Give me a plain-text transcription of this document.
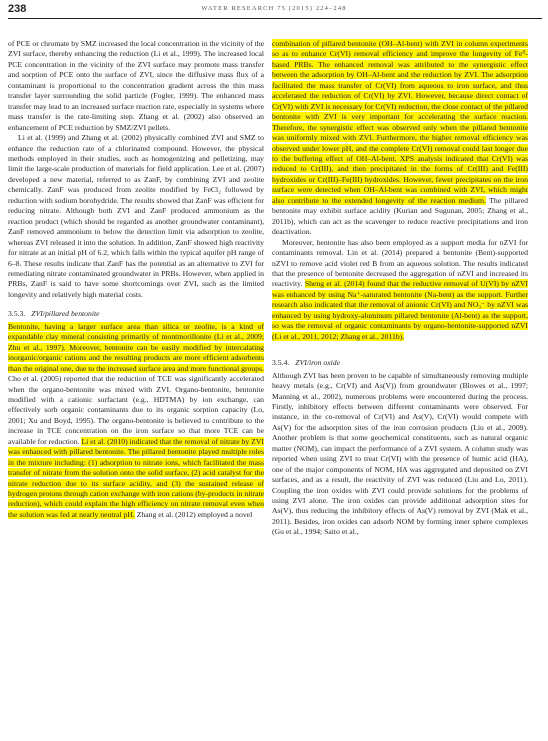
238	WATER RESEARCH 75 (2015) 224–248

of PCE or chromate by SMZ increased the local concentration in the vicinity of the ZVI surface, thereby enhancing the reduction (Li et al., 1999). The increased local PCE concentration in the vicinity of the ZVI surface may promote mass transfer and sorption of PCE onto the surface of ZVI, since the diffusive mass flux of a contaminant is proportional to the concentration gradient across the thin mass transfer layer surrounding the solid particle (Fogler, 1999). The enhanced mass transfer may lead to an increased surface reaction rate, especially in systems where mass transfer is the rate-limiting step. Zhang et al. (2002) also observed an enhancement of PCE reduction by SMZ/ZVI pellets.

Li et al. (1999) and Zhang et al. (2002) physically combined ZVI and SMZ to enhance the reduction rate of a chlorinated compound. However, the physical methods employed in their studies, such as homogenizing and pelletizing, may limit the large-scale production of materials for field application. Lee et al. (2007) developed a new material, referred to as ZanF, by combining ZVI and zeolite chemically. ZanF was produced from zeolite modified by FeCl₂ followed by reduction with sodium borohydride. The results showed that ZanF was efficient for reducing nitrate. Although both ZVI and ZanF produced ammonium as the reaction product (which should be regarded as another groundwater contaminant), ZanF removed ammonium to below the detection limit via adsorption to zeolite, whereas ZVI released it into the solution. In addition, ZanF showed high reactivity for nitrate at an initial pH of 6.2, which falls within the typical aquifer pH range of 6–8. These results indicate that ZanF has the potential as an alternative to ZVI for remediating nitrate contaminated groundwater in PRBs. However, when applied in PRBs, ZanF is said to have some shortcomings over ZVI, such as the limited longevity and relatively high material costs.

3.5.3. ZVI/pillared bentonite

Bentonite, having a larger surface area than silica or zeolite, is a kind of expandable clay mineral consisting primarily of montmorillonite (Li et al., 2009; Zhu et al., 1997). Moreover, bentonite can be easily modified by intercalating inorganic/organic cations and the resulting products are more efficient adsorbents than the original one, due to the increased surface area and more functional groups. Cho et al. (2005) reported that the reduction of TCE was significantly accelerated when the organo-bentonite was mixed with ZVI. Organo-bentonite, bentonite modified with a cationic surfactant (e.g., HDTMA) by ion exchange, can effectively sorb organic contaminants due to its organic sorption capacity (Lo, 2001; Xu and Boyd, 1995). The organo-bentonite is believed to contribute to the increase in TCE concentration on the iron surface so that more TCE can be available for reduction. Li et al. (2010) indicated that the removal of nitrate by ZVI was enhanced with pillared bentonite. The pillared bentonite played multiple roles in the mixture including: (1) adsorption to nitrate ions, which facilitated the mass transfer of nitrate from the solution onto the solid surface, (2) acid catalyst for the nitrate reduction due to its surface acidity, and (3) the sustained release of hydrogen protons through cation exchange with iron cations (by-products in nitrate reduction), which could explain the high efficiency on nitrate removal even when the solution was fed at nearly neutral pH. Zhang et al. (2012) employed a novel

combination of pillared bentonite (OH–Al-bent) with ZVI in column experiments so as to enhance Cr(VI) removal efficiency and improve the longevity of Fe⁰-based PRBs. The enhanced removal was attributed to the synergistic effect between the adsorption by OH–Al-bent and the reduction by ZVI. The adsorption facilitated the mass transfer of Cr(VI) from aqueous to iron surface, and thus accelerated the reduction of Cr(VI) by ZVI. However, because direct contact of Cr(VI) with ZVI is necessary for Cr(VI) reduction, the close contact of the pillared bentonite with ZVI is very important for accelerating the surface reaction. Therefore, the synergistic effect was observed only when the pillared bentonite was uniformly mixed with ZVI. Furthermore, the higher removal efficiency was observed under lower pH, and the complete Cr(VI) removal could last longer due to the buffering effect of OH–Al-bent. XPS analysis indicated that Cr(VI) was reduced to Cr(III), and then precipitated in the forms of Cr(III) and Fe(III) hydroxides or Cr(III)–Fe(III) hydroxides. However, fewer precipitates on the iron surface were detected when OH–Al-bent was combined with ZVI, which might also contribute to the extended longevity of the reaction medium. The pillared bentonite may exhibit surface acidity (Kurian and Sugunan, 2005; Zhang et al., 2011b), which can act as the scavenger to reduce reactive precipitations and iron deactivation.

Moreover, bentonite has also been employed as a support media for nZVI for contaminants removal. Lin et al. (2014) prepared a bentonite (Bent)-supported nZVI to remove acid violet red B from an aqueous solution. The results indicated that the presence of bentonite decreased the aggregation of nZVI and increased its reactivity. Sheng et al. (2014) found that the reductive removal of U(VI) by nZVI was enhanced by using Na⁺-saturated bentonite (Na-bent) as the support. Further research also indicated that the removal of anionic Cr(VI) and NO₃⁻ by nZVI was enhanced by using hydroxy-aluminum pillared bentonite (Al-bent) as the support, so was the removal of organic contaminants by organo-bentonite-supported nZVI (Li et al., 2011, 2012; Zhang et al., 2011b).

3.5.4. ZVI/iron oxide

Although ZVI has been proven to be capable of simultaneously removing multiple heavy metals (e.g., Cr(VI) and As(V)) from groundwater (Blowes et al., 1997; Manning et al., 2002), numerous problems were encountered during the process. Firstly, inhibitory effects between different contaminants were observed. For instance, in the co-removal of Cr(VI) and As(V), Cr(VI) would compete with As(V) for the adsorption sites of the iron corrosion products (Liu et al., 2009). Another problem is that some geochemical constituents, such as natural organic matter (NOM), can impact the performance of a ZVI system. A column study was reported when using ZVI to treat Cr(VI) with the presence of humic acid (HA), one of the major components of NOM, HA was aggregated and deposited on ZVI surfaces, and as a result, the reactivity of ZVI was reduced (Liu and Lo, 2011). Coupling the iron oxides with ZVI could provide solutions for the problems of using ZVI alone. The iron oxides can provide additional adsorption sites for As(V), thus reducing the inhibitory effects of As(V) removal by ZVI (Mak et al., 2011). Besides, iron oxides can adsorb NOM by forming inner sphere complexes (Gu et al., 1994; Saito et al.,
